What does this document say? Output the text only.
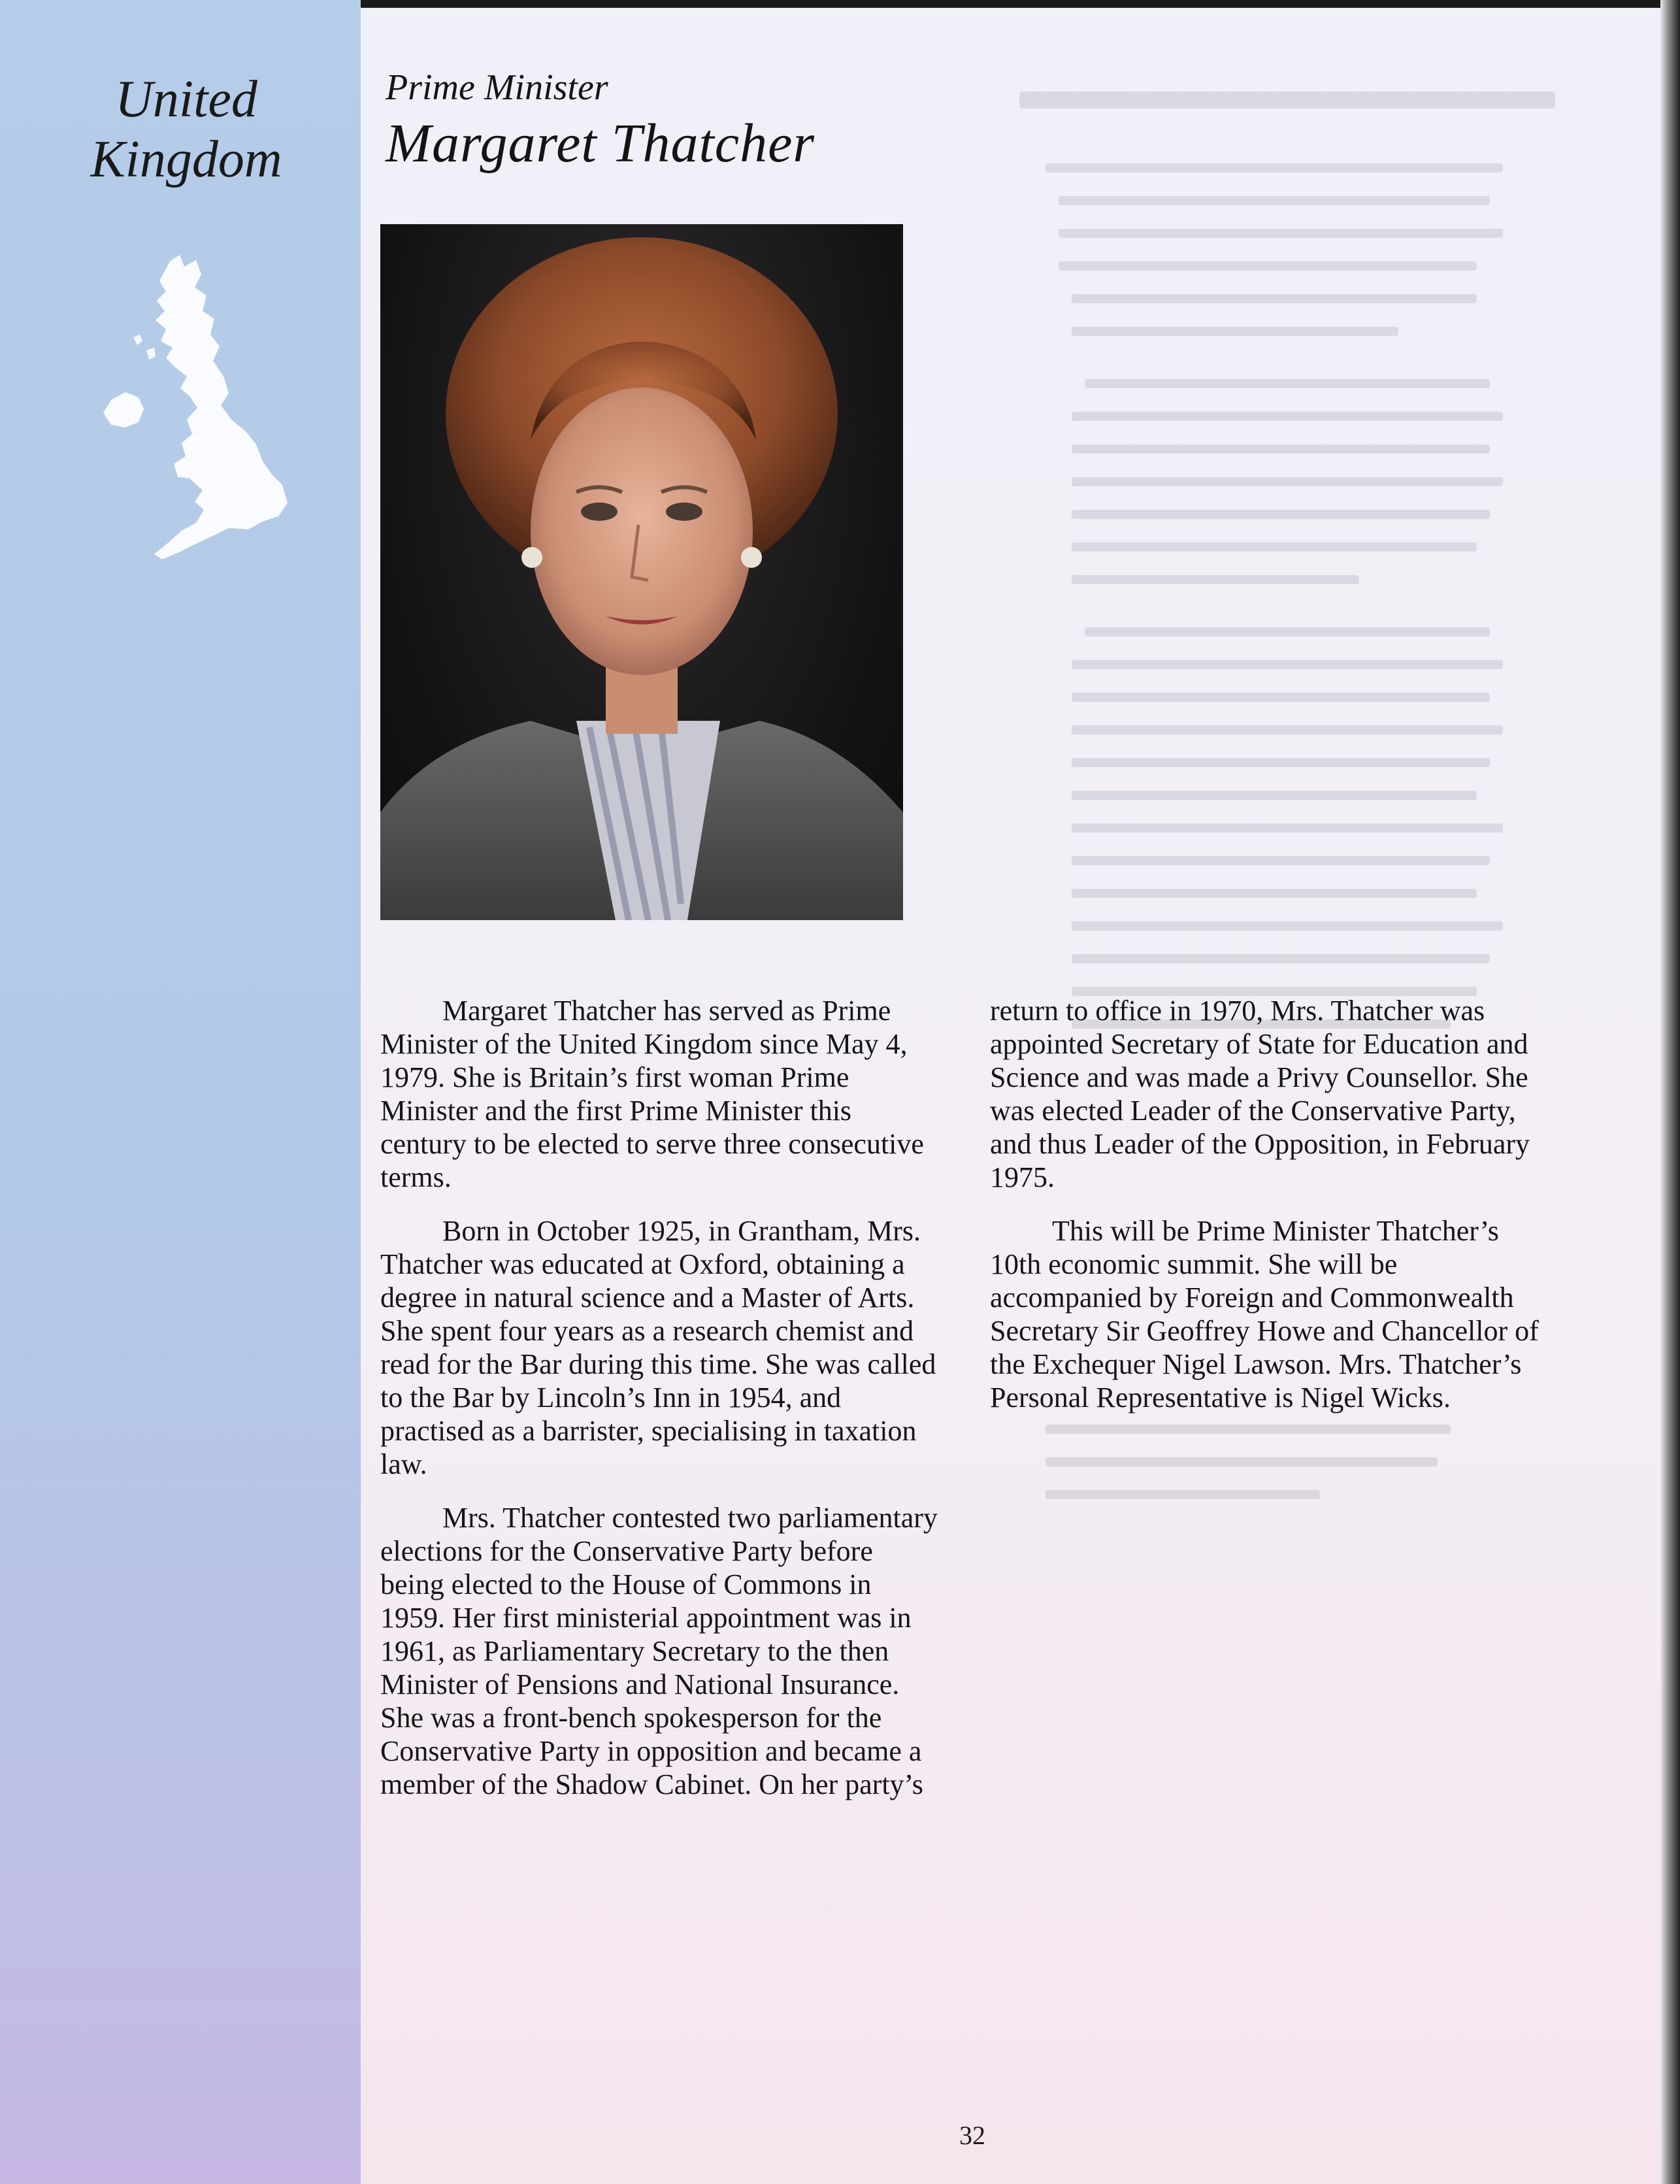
United
Kingdom
Prime Minister
Margaret Thatcher

Margaret Thatcher has served as Prime Minister of the United Kingdom since May 4, 1979. She is Britain’s first woman Prime Minister and the first Prime Minister this century to be elected to serve three consecutive terms.

Born in October 1925, in Grantham, Mrs. Thatcher was educated at Oxford, obtaining a degree in natural science and a Master of Arts. She spent four years as a research chemist and read for the Bar during this time. She was called to the Bar by Lincoln’s Inn in 1954, and practised as a barrister, specialising in taxation law.

Mrs. Thatcher contested two parliamentary elections for the Conservative Party before being elected to the House of Commons in 1959. Her first ministerial appointment was in 1961, as Parliamentary Secretary to the then Minister of Pensions and National Insurance. She was a front-bench spokesperson for the Conservative Party in opposition and became a member of the Shadow Cabinet. On her party’s

return to office in 1970, Mrs. Thatcher was appointed Secretary of State for Education and Science and was made a Privy Counsellor. She was elected Leader of the Conservative Party, and thus Leader of the Opposition, in February 1975.

This will be Prime Minister Thatcher’s 10th economic summit. She will be accompanied by Foreign and Commonwealth Secretary Sir Geoffrey Howe and Chancellor of the Exchequer Nigel Lawson. Mrs. Thatcher’s Personal Representative is Nigel Wicks.

32
